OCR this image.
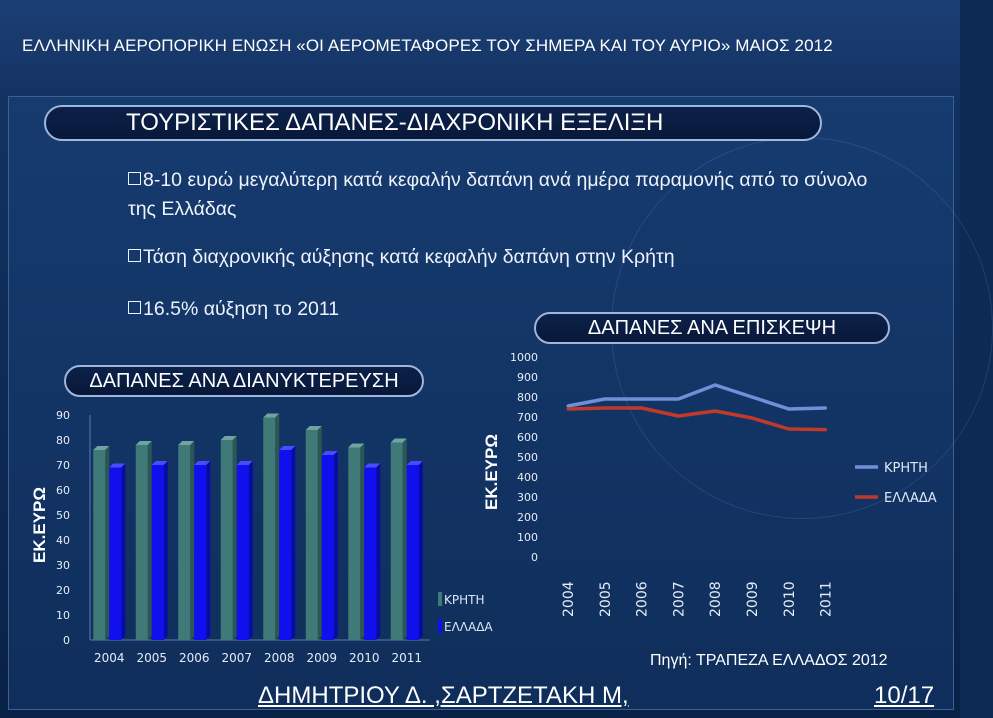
ΕΛΛΗΝΙΚΗ ΑΕΡΟΠΟΡΙΚΗ ΕΝΩΣΗ «ΟΙ ΑΕΡΟΜΕΤΑΦΟΡΕΣ ΤΟΥ ΣΗΜΕΡΑ ΚΑΙ ΤΟΥ ΑΥΡΙΟ» ΜΑΙΟΣ 2012
ΤΟΥΡΙΣΤΙΚΕΣ ΔΑΠΑΝΕΣ-ΔΙΑΧΡΟΝΙΚΗ ΕΞΕΛΙΞΗ
8-10 ευρώ μεγαλύτερη κατά κεφαλήν δαπάνη ανά ημέρα παραμονής από το σύνολο της Ελλάδας
Τάση διαχρονικής αύξησης κατά κεφαλήν δαπάνη στην Κρήτη
16.5% αύξηση το 2011
ΔΑΠΑΝΕΣ ΑΝΑ ΔΙΑΝΥΚΤΕΡΕΥΣΗ
ΔΑΠΑΝΕΣ ΑΝΑ ΕΠΙΣΚΕΨΗ
ΕΚ.ΕΥΡΩ
0
10
20
30
40
50
60
70
80
90
2004 2005 2006 2007 2008 2009 2010 2011
ΚΡΗΤΗ
ΕΛΛΑΔΑ
ΕΚ.ΕΥΡΩ
0
100
200
300
400
500
600
700
800
900
1000
2004 2005 2006 2007 2008 2009 2010 2011
ΚΡΗΤΗ
ΕΛΛΑΔΑ
Πηγή: ΤΡΑΠΕΖΑ ΕΛΛΑΔΟΣ 2012
ΔΗΜΗΤΡΙΟΥ Δ. ,ΣΑΡΤΖΕΤΑΚΗ Μ,	10/17
